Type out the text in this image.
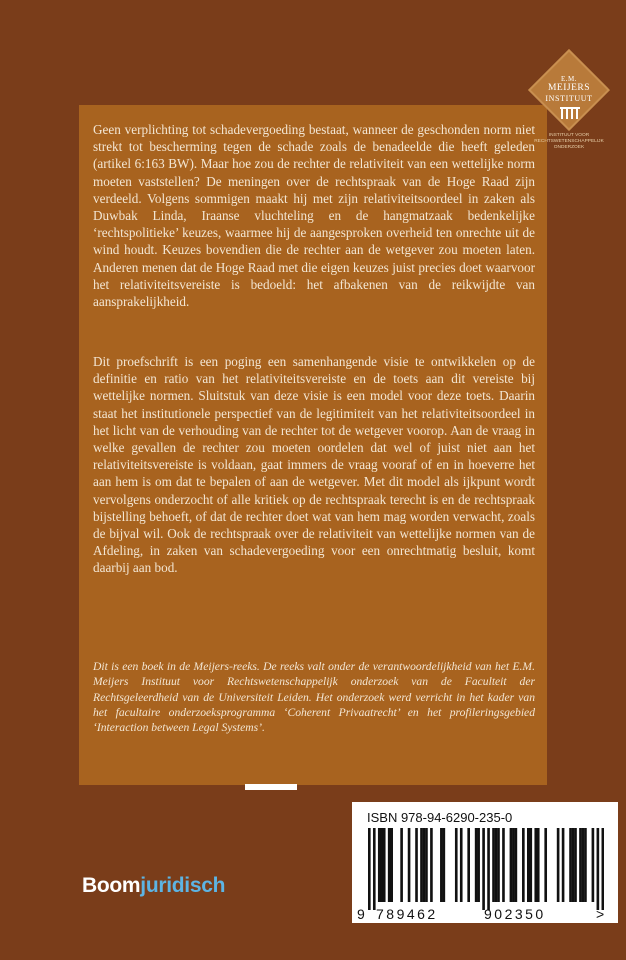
E.M.
MEIJERS
INSTITUUT
INSTITUUT VOOR
RECHTSWETENSCHAPPELIJK
ONDERZOEK

Geen verplichting tot schadevergoeding bestaat, wanneer de geschonden norm niet strekt tot bescherming tegen de schade zoals de benadeelde die heeft geleden (artikel 6:163 BW). Maar hoe zou de rechter de relativiteit van een wettelijke norm moeten vaststellen? De meningen over de rechtspraak van de Hoge Raad zijn verdeeld. Volgens sommigen maakt hij met zijn relativiteitsoordeel in zaken als Duwbak Linda, Iraanse vluchteling en de hangmatzaak bedenkelijke ‘rechtspolitieke’ keuzes, waarmee hij de aangesproken overheid ten onrechte uit de wind houdt. Keuzes bovendien die de rechter aan de wetgever zou moeten laten. Anderen menen dat de Hoge Raad met die eigen keuzes juist precies doet waarvoor het relativiteitsvereiste is bedoeld: het afbakenen van de reikwijdte van aansprakelijkheid.

Dit proefschrift is een poging een samenhangende visie te ontwikkelen op de definitie en ratio van het relativiteitsvereiste en de toets aan dit vereiste bij wettelijke normen. Sluitstuk van deze visie is een model voor deze toets. Daarin staat het institutionele perspectief van de legitimiteit van het relativiteitsoordeel in het licht van de verhouding van de rechter tot de wetgever voorop. Aan de vraag in welke gevallen de rechter zou moeten oordelen dat wel of juist niet aan het relativiteitsvereiste is voldaan, gaat immers de vraag vooraf of en in hoeverre het aan hem is om dat te bepalen of aan de wetgever. Met dit model als ijkpunt wordt vervolgens onderzocht of alle kritiek op de rechtspraak terecht is en de rechtspraak bijstelling behoeft, of dat de rechter doet wat van hem mag worden verwacht, zoals de bijval wil. Ook de rechtspraak over de relativiteit van wettelijke normen van de Afdeling, in zaken van schadevergoeding voor een onrechtmatig besluit, komt daarbij aan bod.

Dit is een boek in de Meijers-reeks. De reeks valt onder de verantwoordelijkheid van het E.M. Meijers Instituut voor Rechtswetenschappelijk onderzoek van de Faculteit der Rechtsgeleerdheid van de Universiteit Leiden. Het onderzoek werd verricht in het kader van het facultaire onderzoeksprogramma ‘Coherent Privaatrecht’ en het profileringsgebied ‘Interaction between Legal Systems’.

Boomjuridisch
ISBN 978-94-6290-235-0
9 789462	902350	>
